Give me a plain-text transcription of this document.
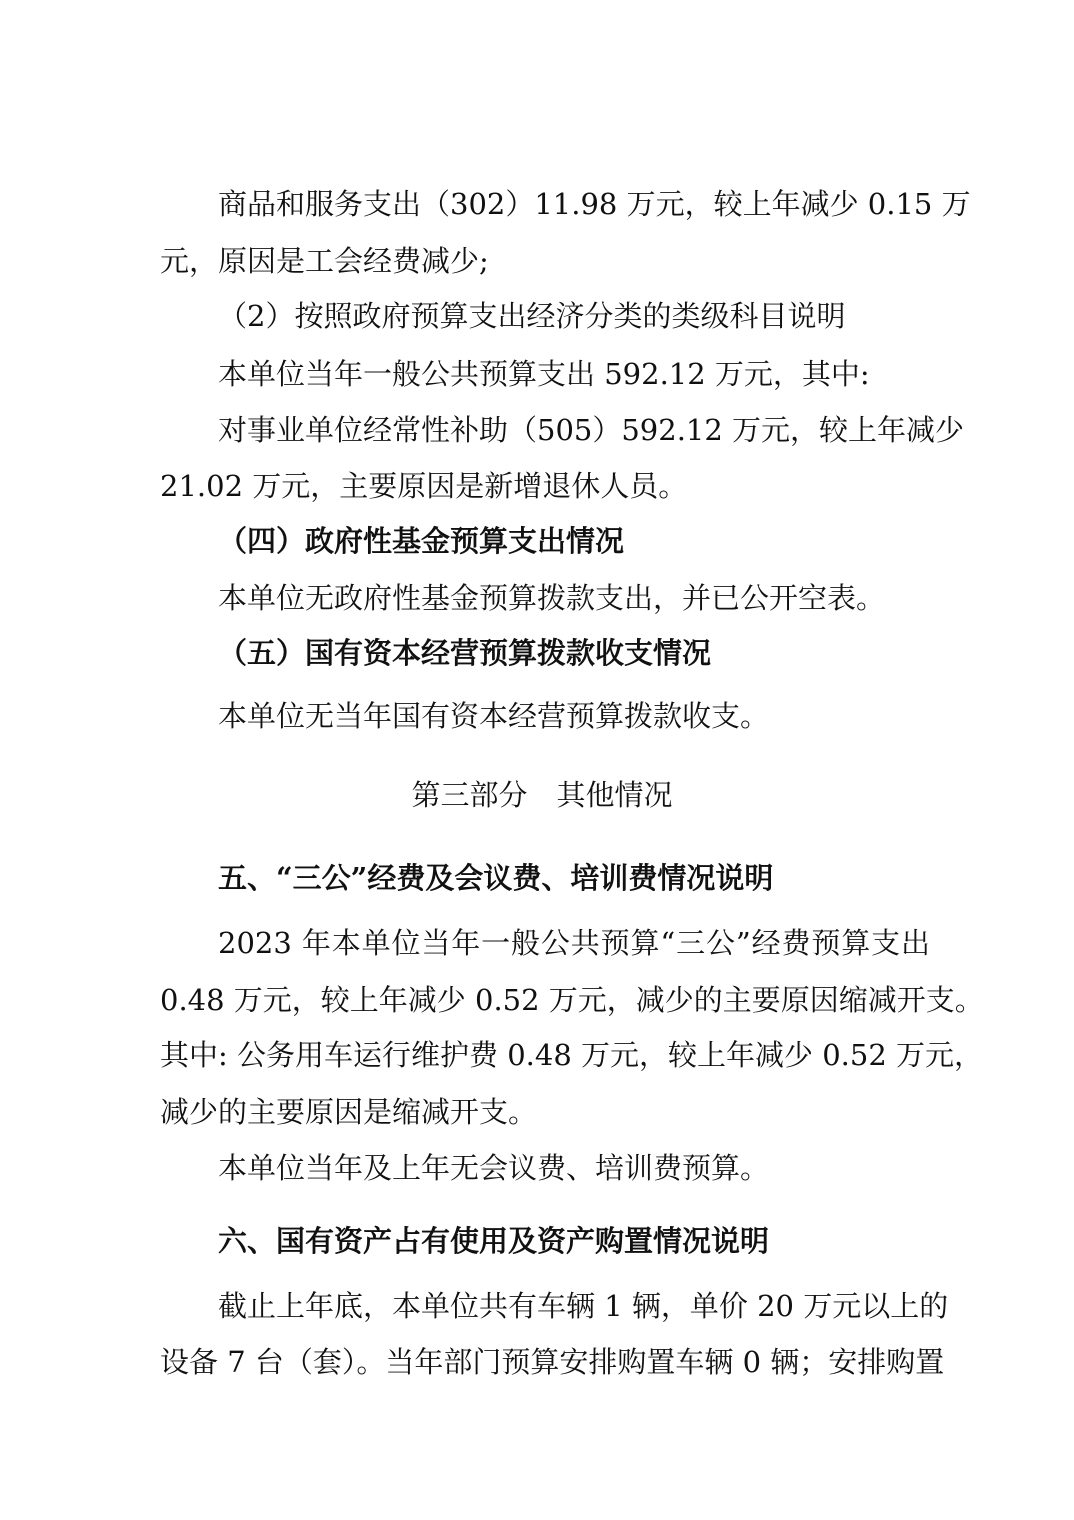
商品和服务支出（302）11.98 万元，较上年减少 0.15 万
元，原因是工会经费减少;
（2）按照政府预算支出经济分类的类级科目说明
本单位当年一般公共预算支出 592.12 万元，其中:
对事业单位经常性补助（505）592.12 万元，较上年减少
21.02 万元，主要原因是新增退休人员。
（四）政府性基金预算支出情况
本单位无政府性基金预算拨款支出，并已公开空表。
（五）国有资本经营预算拨款收支情况
本单位无当年国有资本经营预算拨款收支。
第三部分　其他情况
五、“三公”经费及会议费、培训费情况说明
2023 年本单位当年一般公共预算“三公”经费预算支出
0.48 万元，较上年减少 0.52 万元，减少的主要原因缩减开支。
其中: 公务用车运行维护费 0.48 万元，较上年减少 0.52 万元，
减少的主要原因是缩减开支。
本单位当年及上年无会议费、培训费预算。
六、国有资产占有使用及资产购置情况说明
截止上年底，本单位共有车辆 1 辆，单价 20 万元以上的
设备 7 台（套）。当年部门预算安排购置车辆 0 辆；安排购置
